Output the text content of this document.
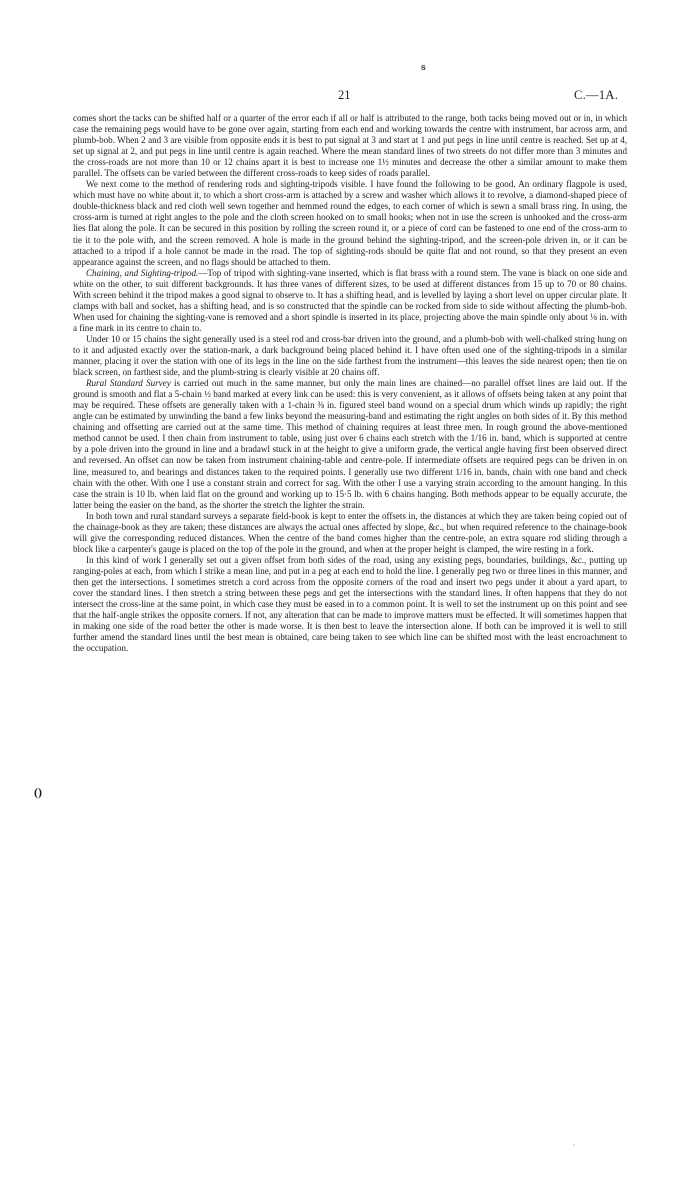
ꞩ
21	C.—1A.
()

comes short the tacks can be shifted half or a quarter of the error each if all or half is attributed to the range, both tacks being moved out or in, in which case the remaining pegs would have to be gone over again, starting from each end and working towards the centre with instrument, bar across arm, and plumb-bob. When 2 and 3 are visible from opposite ends it is best to put signal at 3 and start at 1 and put pegs in line until centre is reached. Set up at 4, set up signal at 2, and put pegs in line until centre is again reached. Where the mean standard lines of two streets do not differ more than 3 minutes and the cross-roads are not more than 10 or 12 chains apart it is best to increase one 1½ minutes and decrease the other a similar amount to make them parallel. The offsets can be varied between the different cross-roads to keep sides of roads parallel.

We next come to the method of rendering rods and sighting-tripods visible. I have found the following to be good. An ordinary flagpole is used, which must have no white about it, to which a short cross-arm is attached by a screw and washer which allows it to revolve, a diamond-shaped piece of double-thickness black and red cloth well sewn together and hemmed round the edges, to each corner of which is sewn a small brass ring. In using, the cross-arm is turned at right angles to the pole and the cloth screen hooked on to small hooks; when not in use the screen is unhooked and the cross-arm lies flat along the pole. It can be secured in this position by rolling the screen round it, or a piece of cord can be fastened to one end of the cross-arm to tie it to the pole with, and the screen removed. A hole is made in the ground behind the sighting-tripod, and the screen-pole driven in, or it can be attached to a tripod if a hole cannot be made in the road. The top of sighting-rods should be quite flat and not round, so that they present an even appearance against the screen, and no flags should be attached to them.

Chaining, and Sighting-tripod.—Top of tripod with sighting-vane inserted, which is flat brass with a round stem. The vane is black on one side and white on the other, to suit different backgrounds. It has three vanes of different sizes, to be used at different distances from 15 up to 70 or 80 chains. With screen behind it the tripod makes a good signal to observe to. It has a shifting head, and is levelled by laying a short level on upper circular plate. It clamps with ball and socket, has a shifting head, and is so constructed that the spindle can be rocked from side to side without affecting the plumb-bob. When used for chaining the sighting-vane is removed and a short spindle is inserted in its place, projecting above the main spindle only about ⅛ in. with a fine mark in its centre to chain to.

Under 10 or 15 chains the sight generally used is a steel rod and cross-bar driven into the ground, and a plumb-bob with well-chalked string hung on to it and adjusted exactly over the station-mark, a dark background being placed behind it. I have often used one of the sighting-tripods in a similar manner, placing it over the station with one of its legs in the line on the side farthest from the instrument—this leaves the side nearest open; then tie on black screen, on farthest side, and the plumb-string is clearly visible at 20 chains off.

Rural Standard Survey is carried out much in the same manner, but only the main lines are chained—no parallel offset lines are laid out. If the ground is smooth and flat a 5-chain ½ band marked at every link can be used: this is very convenient, as it allows of offsets being taken at any point that may be required. These offsets are generally taken with a 1-chain ⅜ in. figured steel band wound on a special drum which winds up rapidly; the right angle can be estimated by unwinding the band a few links beyond the measuring-band and estimating the right angles on both sides of it. By this method chaining and offsetting are carried out at the same time. This method of chaining requires at least three men. In rough ground the above-mentioned method cannot be used. I then chain from instrument to table, using just over 6 chains each stretch with the 1/16 in. band, which is supported at centre by a pole driven into the ground in line and a bradawl stuck in at the height to give a uniform grade, the vertical angle having first been observed direct and reversed. An offset can now be taken from instrument chaining-table and centre-pole. If intermediate offsets are required pegs can be driven in on line, measured to, and bearings and distances taken to the required points. I generally use two different 1/16 in. bands, chain with one band and check chain with the other. With one I use a constant strain and correct for sag. With the other I use a varying strain according to the amount hanging. In this case the strain is 10 lb. when laid flat on the ground and working up to 15·5 lb. with 6 chains hanging. Both methods appear to be equally accurate, the latter being the easier on the band, as the shorter the stretch the lighter the strain.

In both town and rural standard surveys a separate field-book is kept to enter the offsets in, the distances at which they are taken being copied out of the chainage-book as they are taken; these distances are always the actual ones affected by slope, &c., but when required reference to the chainage-book will give the corresponding reduced distances. When the centre of the band comes higher than the centre-pole, an extra square rod sliding through a block like a carpenter's gauge is placed on the top of the pole in the ground, and when at the proper height is clamped, the wire resting in a fork.

In this kind of work I generally set out a given offset from both sides of the road, using any existing pegs, boundaries, buildings, &c., putting up ranging-poles at each, from which I strike a mean line, and put in a peg at each end to hold the line. I generally peg two or three lines in this manner, and then get the intersections. I sometimes stretch a cord across from the opposite corners of the road and insert two pegs under it about a yard apart, to cover the standard lines. I then stretch a string between these pegs and get the intersections with the standard lines. It often happens that they do not intersect the cross-line at the same point, in which case they must be eased in to a common point. It is well to set the instrument up on this point and see that the half-angle strikes the opposite corners. If not, any alteration that can be made to improve matters must be effected. It will sometimes happen that in making one side of the road better the other is made worse. It is then best to leave the intersection alone. If both can be improved it is well to still further amend the standard lines until the best mean is obtained, care being taken to see which line can be shifted most with the least encroachment to the occupation.

ˎ
